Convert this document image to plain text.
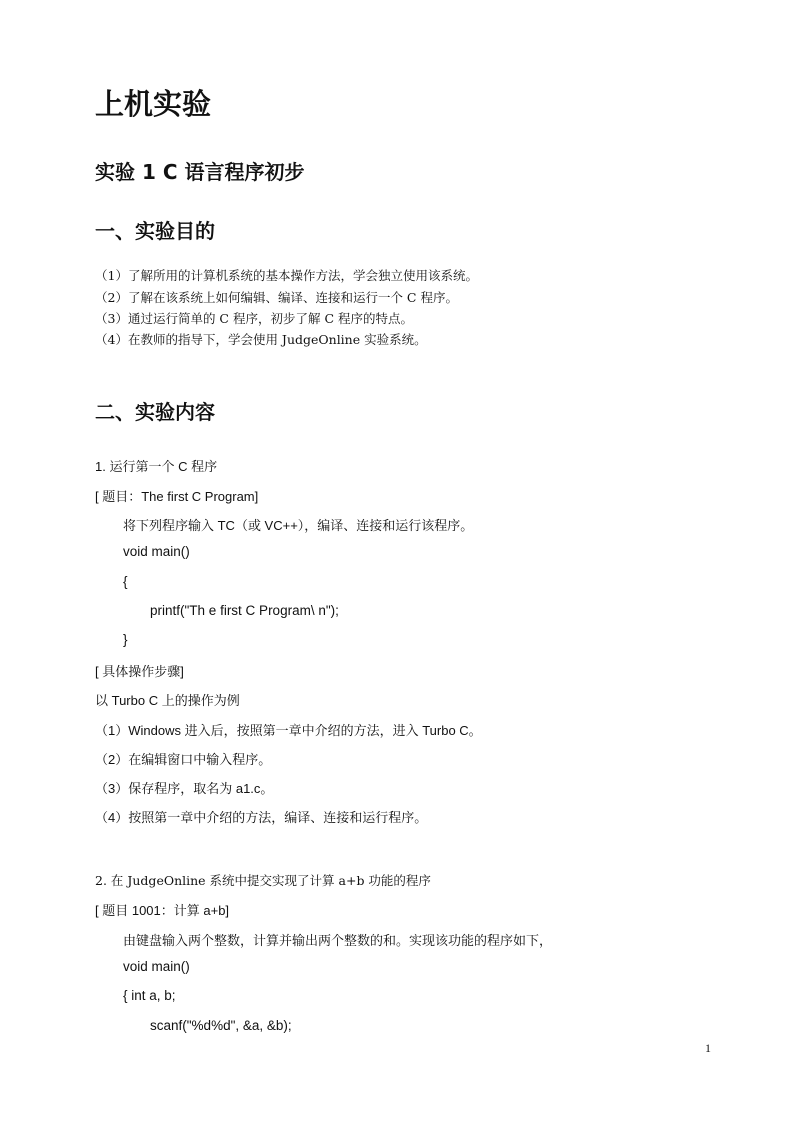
上机实验
实验 1 C 语言程序初步
一、实验目的
（1）了解所用的计算机系统的基本操作方法，学会独立使用该系统。
（2）了解在该系统上如何编辑、编译、连接和运行一个 C 程序。
（3）通过运行简单的 C 程序，初步了解 C 程序的特点。
（4）在教师的指导下，学会使用 JudgeOnline 实验系统。
二、实验内容
1. 运行第一个 C 程序
[ 题目：The first C Program]
将下列程序输入 TC（或 VC++），编译、连接和运行该程序。
void main()
{
printf("Th e first C Program\ n");
}
[ 具体操作步骤]
以 Turbo C 上的操作为例
（1）Windows 进入后，按照第一章中介绍的方法，进入 Turbo C。
（2）在编辑窗口中输入程序。
（3）保存程序，取名为 a1.c。
（4）按照第一章中介绍的方法，编译、连接和运行程序。
2. 在 JudgeOnline 系统中提交实现了计算 a+b 功能的程序
[ 题目 1001：计算 a+b]
由键盘输入两个整数，计算并输出两个整数的和。实现该功能的程序如下，
void main()
{ int a, b;
scanf("%d%d", &a, &b);
1
